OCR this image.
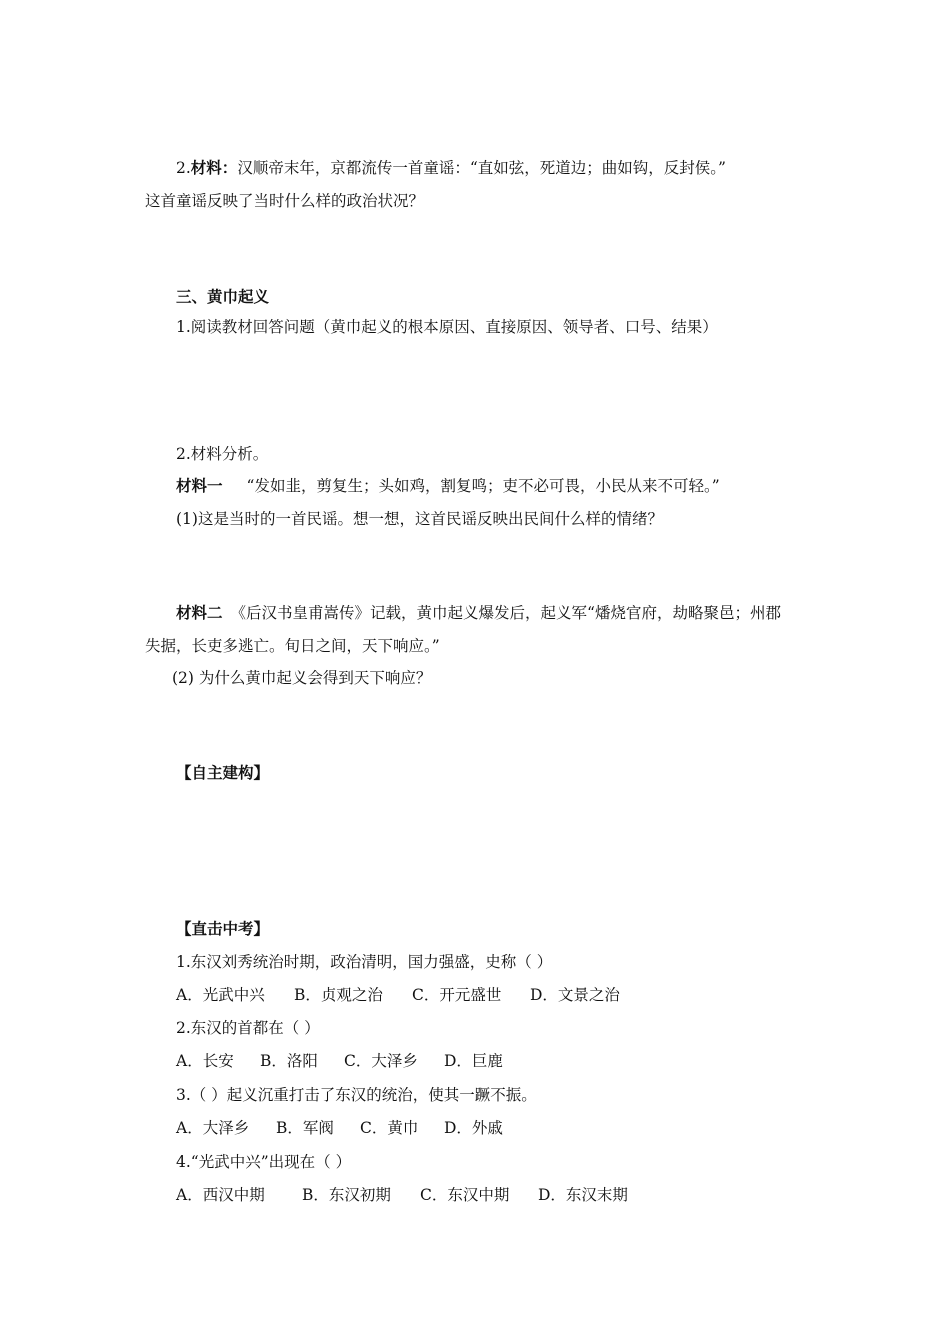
2.材料：汉顺帝末年，京都流传一首童谣：“直如弦，死道边；曲如钩，反封侯。”
这首童谣反映了当时什么样的政治状况？
三、黄巾起义
1.阅读教材回答问题（黄巾起义的根本原因、直接原因、领导者、口号、结果）
2.材料分析。
材料一 “发如韭，剪复生；头如鸡，割复鸣；吏不必可畏，小民从来不可轻。”
(1)这是当时的一首民谣。想一想，这首民谣反映出民间什么样的情绪？
材料二 《后汉书皇甫嵩传》记载，黄巾起义爆发后，起义军“燔烧官府，劫略聚邑；州郡
失据，长吏多逃亡。旬日之间，天下响应。”
(2) 为什么黄巾起义会得到天下响应？
【自主建构】
【直击中考】
1.东汉刘秀统治时期，政治清明，国力强盛，史称（ ）
A．光武中兴 B．贞观之治 C．开元盛世 D．文景之治
2.东汉的首都在（ ）
A．长安 B．洛阳 C．大泽乡 D．巨鹿
3.（ ）起义沉重打击了东汉的统治，使其一蹶不振。
A．大泽乡 B．军阀 C．黄巾 D．外戚
4.“光武中兴”出现在（ ）
A．西汉中期 B．东汉初期 C．东汉中期 D．东汉末期
